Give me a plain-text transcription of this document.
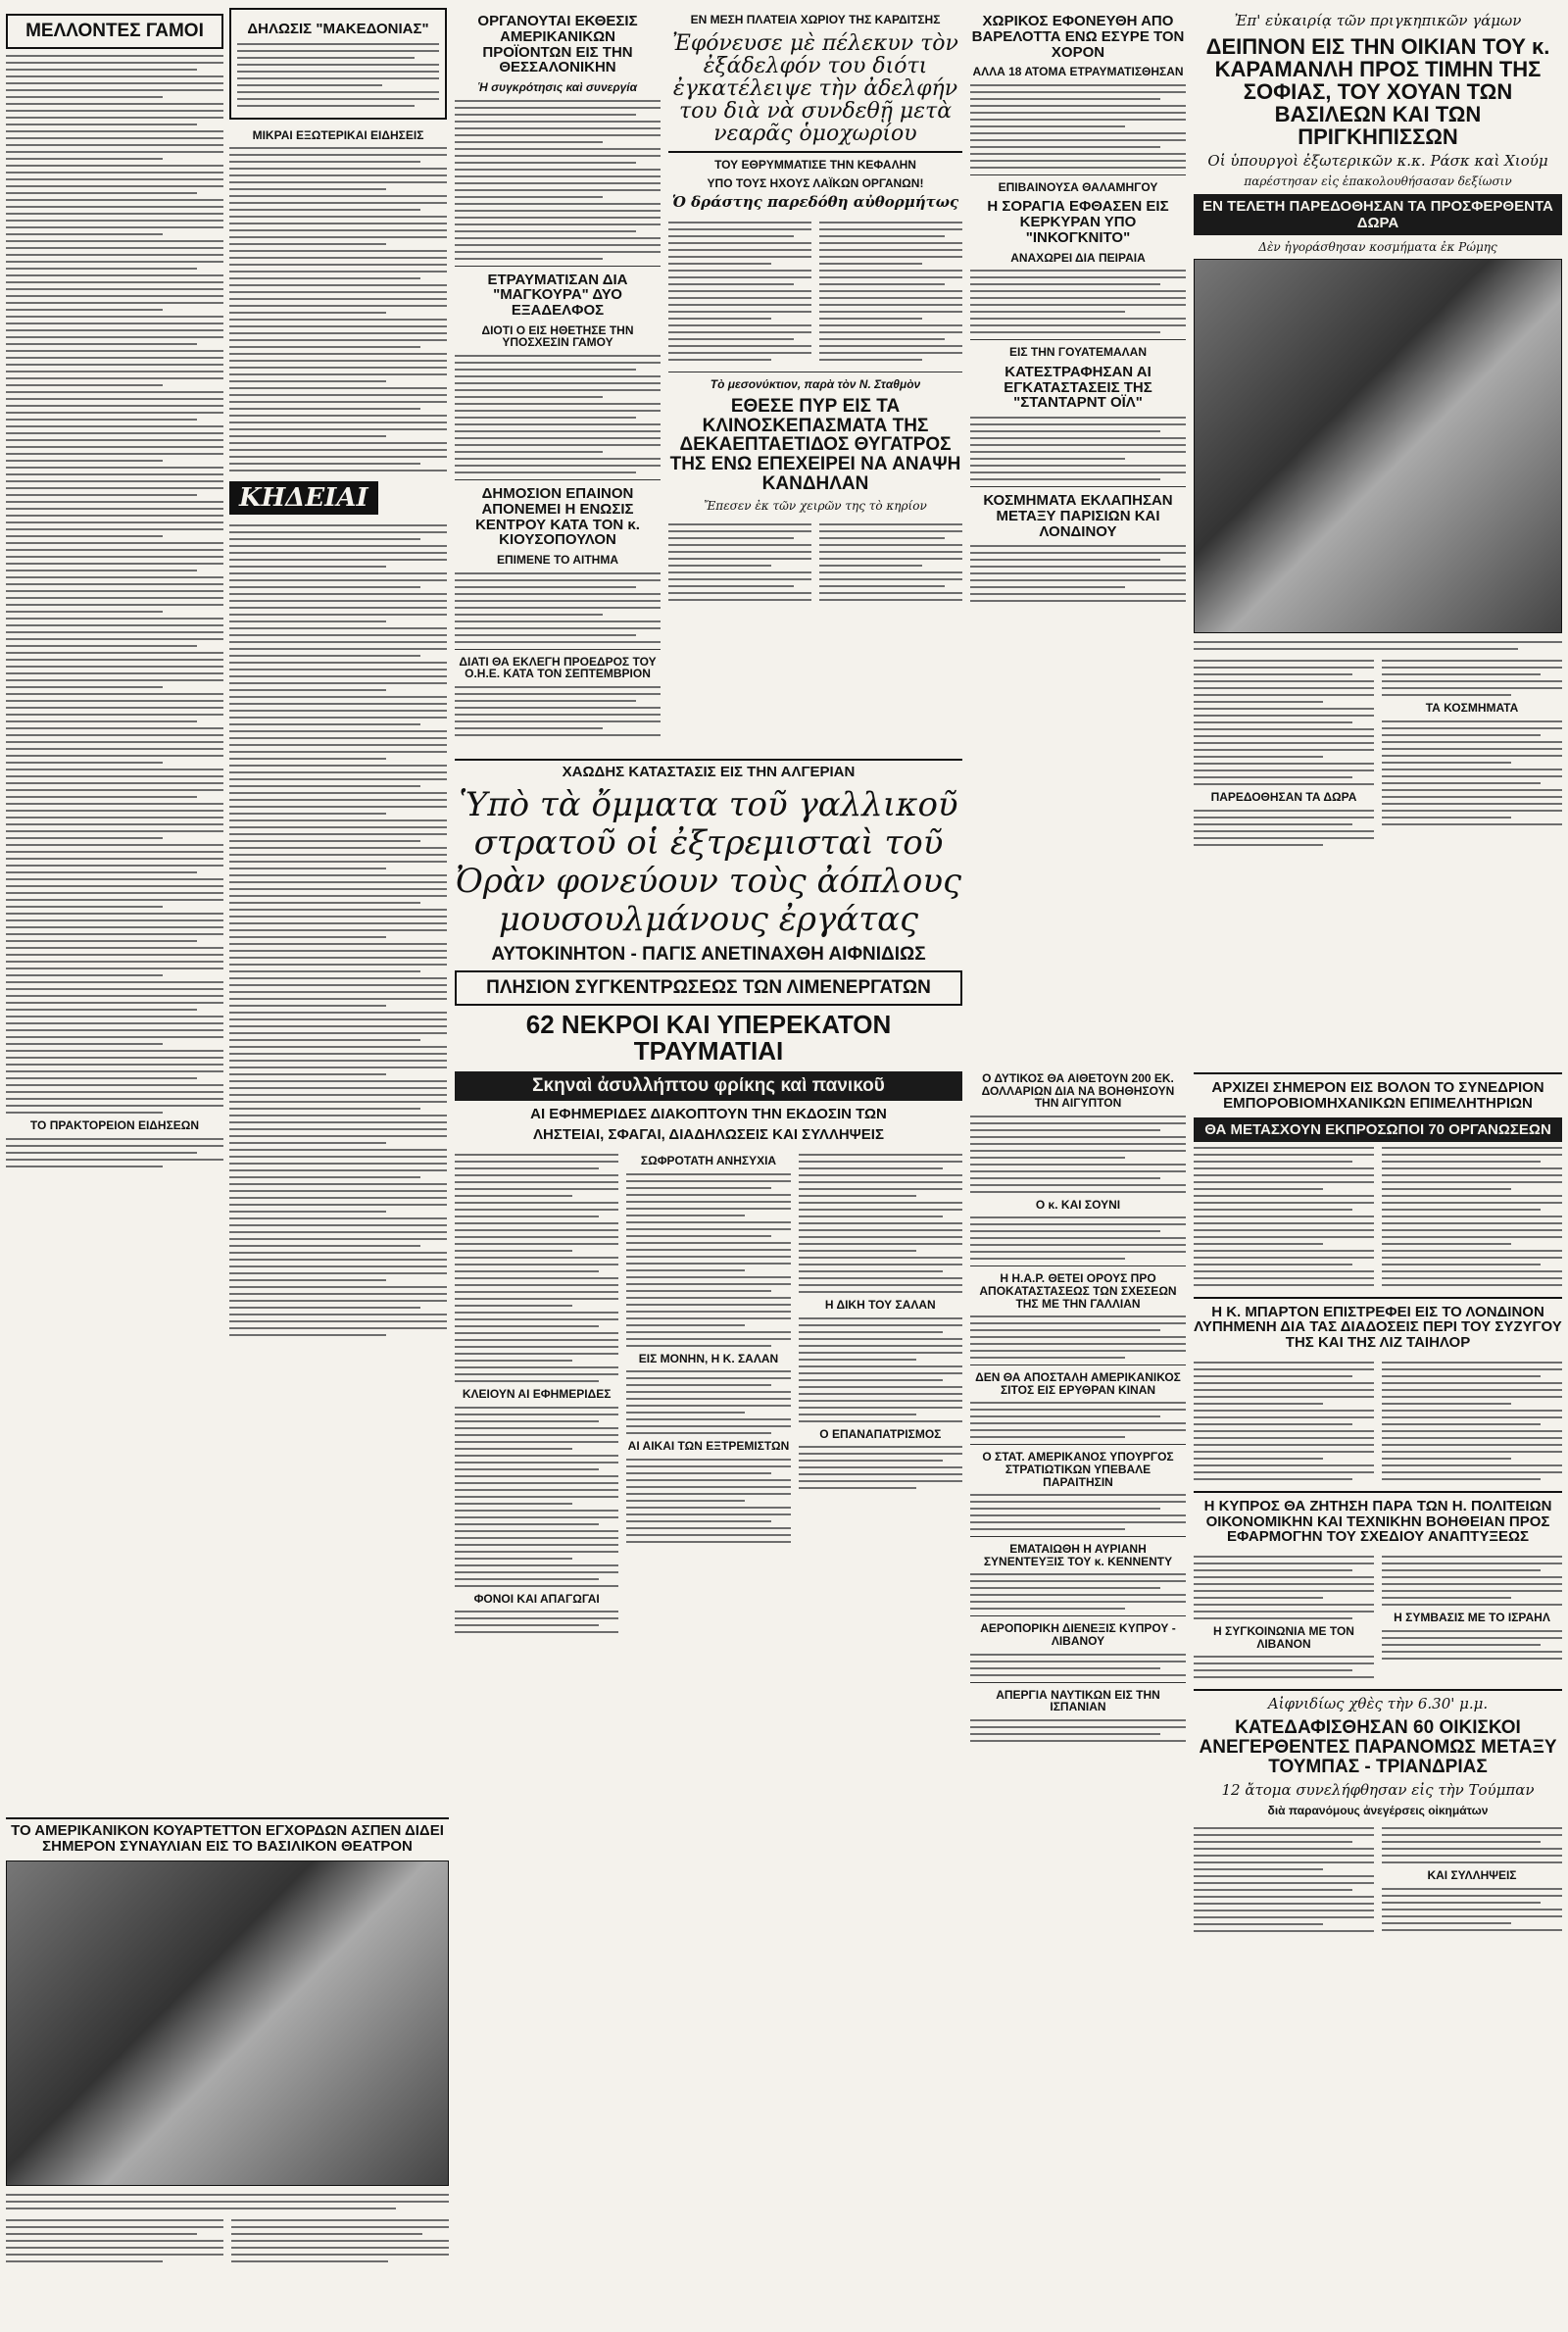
ΜΕΛΛΟΝΤΕΣ ΓΑΜΟΙ
ΤΟ ΠΡΑΚΤΟΡΕΙΟΝ ΕΙΔΗΣΕΩΝ
ΔΗΛΩΣΙΣ "ΜΑΚΕΔΟΝΙΑΣ"
ΜΙΚΡΑΙ ΕΞΩΤΕΡΙΚΑΙ ΕΙΔΗΣΕΙΣ
ΚΗΔΕΙΑΙ
ΟΡΓΑΝΟΥΤΑΙ ΕΚΘΕΣΙΣ ΑΜΕΡΙΚΑΝΙΚΩΝ ΠΡΟΪΟΝΤΩΝ ΕΙΣ ΤΗΝ ΘΕΣΣΑΛΟΝΙΚΗΝ
Ἡ συγκρότησις καὶ συνεργία
ΕΤΡΑΥΜΑΤΙΣΑΝ ΔΙΑ "ΜΑΓΚΟΥΡΑ" ΔΥΟ ΕΞΑΔΕΛΦΟΣ
ΔΙΟΤΙ Ο ΕΙΣ ΗΘΕΤΗΣΕ ΤΗΝ ΥΠΟΣΧΕΣΙΝ ΓΑΜΟΥ
ΔΗΜΟΣΙΟΝ ΕΠΑΙΝΟΝ ΑΠΟΝΕΜΕΙ Η ΕΝΩΣΙΣ ΚΕΝΤΡΟΥ ΚΑΤΑ ΤΟΝ κ. ΚΙΟΥΣΟΠΟΥΛΟΝ
ΕΠΙΜΕΝΕ ΤΟ ΑΙΤΗΜΑ
ΔΙΑΤΙ ΘΑ ΕΚΛΕΓΗ ΠΡΟΕΔΡΟΣ ΤΟΥ Ο.Η.Ε. ΚΑΤΑ ΤΟΝ ΣΕΠΤΕΜΒΡΙΟΝ
ΕΝ ΜΕΣΗ ΠΛΑΤΕΙΑ ΧΩΡΙΟΥ ΤΗΣ ΚΑΡΔΙΤΣΗΣ
Ἐφόνευσε μὲ πέλεκυν τὸν ἐξάδελφόν του διότι ἐγκατέλειψε τὴν ἀδελφήν του διὰ νὰ συνδεθῇ μετὰ νεαρᾶς ὁμοχωρίου
ΤΟΥ ΕΘΡΥΜΜΑΤΙΣΕ ΤΗΝ ΚΕΦΑΛΗΝ
ΥΠΟ ΤΟΥΣ ΗΧΟΥΣ ΛΑΪΚΩΝ ΟΡΓΑΝΩΝ!
Ὁ δράστης παρεδόθη αὐθορμήτως
Τὸ μεσονύκτιον, παρὰ τὸν Ν. Σταθμὸν
ΕΘΕΣΕ ΠΥΡ ΕΙΣ ΤΑ ΚΛΙΝΟΣΚΕΠΑΣΜΑΤΑ ΤΗΣ ΔΕΚΑΕΠΤΑΕΤΙΔΟΣ ΘΥΓΑΤΡΟΣ ΤΗΣ ΕΝΩ ΕΠΕΧΕΙΡΕΙ ΝΑ ΑΝΑΨΗ ΚΑΝΔΗΛΑΝ
Ἔπεσεν ἐκ τῶν χειρῶν της τὸ κηρίον
ΧΩΡΙΚΟΣ ΕΦΟΝΕΥΘΗ ΑΠΟ ΒΑΡΕΛΟΤΤΑ ΕΝΩ ΕΣΥΡΕ ΤΟΝ ΧΟΡΟΝ
ΑΛΛΑ 18 ΑΤΟΜΑ ΕΤΡΑΥΜΑΤΙΣΘΗΣΑΝ
ΕΠΙΒΑΙΝΟΥΣΑ ΘΑΛΑΜΗΓΟΥ
Η ΣΟΡΑΓΙΑ ΕΦΘΑΣΕΝ ΕΙΣ ΚΕΡΚΥΡΑΝ ΥΠΟ "ΙΝΚΟΓΚΝΙΤΟ"
ΑΝΑΧΩΡΕΙ ΔΙΑ ΠΕΙΡΑΙΑ
ΕΙΣ ΤΗΝ ΓΟΥΑΤΕΜΑΛΑΝ
ΚΑΤΕΣΤΡΑΦΗΣΑΝ ΑΙ ΕΓΚΑΤΑΣΤΑΣΕΙΣ ΤΗΣ "ΣΤΑΝΤΑΡΝΤ ΟΪΛ"
ΚΟΣΜΗΜΑΤΑ ΕΚΛΑΠΗΣΑΝ ΜΕΤΑΞΥ ΠΑΡΙΣΙΩΝ ΚΑΙ ΛΟΝΔΙΝΟΥ
Ἐπ' εὐκαιρίᾳ τῶν πριγκηπικῶν γάμων
ΔΕΙΠΝΟΝ ΕΙΣ ΤΗΝ ΟΙΚΙΑΝ ΤΟΥ κ. ΚΑΡΑΜΑΝΛΗ ΠΡΟΣ ΤΙΜΗΝ ΤΗΣ ΣΟΦΙΑΣ, ΤΟΥ ΧΟΥΑΝ ΤΩΝ ΒΑΣΙΛΕΩΝ ΚΑΙ ΤΩΝ ΠΡΙΓΚΗΠΙΣΣΩΝ
Οἱ ὑπουργοὶ ἐξωτερικῶν κ.κ. Ράσκ καὶ Χιούμ
παρέστησαν εἰς ἑπακολουθήσασαν δεξίωσιν
ΕΝ ΤΕΛΕΤΗ ΠΑΡΕΔΟΘΗΣΑΝ ΤΑ ΠΡΟΣΦΕΡΘΕΝΤΑ ΔΩΡΑ
Δὲν ἠγοράσθησαν κοσμήματα ἐκ Ρώμης
ΠΑΡΕΔΟΘΗΣΑΝ ΤΑ ΔΩΡΑ
ΤΑ ΚΟΣΜΗΜΑΤΑ
ΑΡΧΙΖΕΙ ΣΗΜΕΡΟΝ ΕΙΣ ΒΟΛΟΝ ΤΟ ΣΥΝΕΔΡΙΟΝ ΕΜΠΟΡΟΒΙΟΜΗΧΑΝΙΚΩΝ ΕΠΙΜΕΛΗΤΗΡΙΩΝ
ΘΑ ΜΕΤΑΣΧΟΥΝ ΕΚΠΡΟΣΩΠΟΙ 70 ΟΡΓΑΝΩΣΕΩΝ
Η Κ. ΜΠΑΡΤΟΝ ΕΠΙΣΤΡΕΦΕΙ ΕΙΣ ΤΟ ΛΟΝΔΙΝΟΝ ΛΥΠΗΜΕΝΗ ΔΙΑ ΤΑΣ ΔΙΑΔΟΣΕΙΣ ΠΕΡΙ ΤΟΥ ΣΥΖΥΓΟΥ ΤΗΣ ΚΑΙ ΤΗΣ ΛΙΖ ΤΑΙΗΛΟΡ
Η ΚΥΠΡΟΣ ΘΑ ΖΗΤΗΣΗ ΠΑΡΑ ΤΩΝ Η. ΠΟΛΙΤΕΙΩΝ ΟΙΚΟΝΟΜΙΚΗΝ ΚΑΙ ΤΕΧΝΙΚΗΝ ΒΟΗΘΕΙΑΝ ΠΡΟΣ ΕΦΑΡΜΟΓΗΝ ΤΟΥ ΣΧΕΔΙΟΥ ΑΝΑΠΤΥΞΕΩΣ
Η ΣΥΓΚΟΙΝΩΝΙΑ ΜΕ ΤΟΝ ΛΙΒΑΝΟΝ
Η ΣΥΜΒΑΣΙΣ ΜΕ ΤΟ ΙΣΡΑΗΛ
Αἰφνιδίως χθὲς τὴν 6.30' μ.μ.
ΚΑΤΕΔΑΦΙΣΘΗΣΑΝ 60 ΟΙΚΙΣΚΟΙ ΑΝΕΓΕΡΘΕΝΤΕΣ ΠΑΡΑΝΟΜΩΣ ΜΕΤΑΞΥ ΤΟΥΜΠΑΣ - ΤΡΙΑΝΔΡΙΑΣ
12 ἄτομα συνελήφθησαν εἰς τὴν Τούμπαν
διὰ παρανόμους ἀνεγέρσεις οἰκημάτων
ΚΑΙ ΣΥΛΛΗΨΕΙΣ
ΧΑΩΔΗΣ ΚΑΤΑΣΤΑΣΙΣ ΕΙΣ ΤΗΝ ΑΛΓΕΡΙΑΝ
Ὑπὸ τὰ ὄμματα τοῦ γαλλικοῦ στρατοῦ οἱ ἐξτρεμισταὶ τοῦ Ὀρὰν φονεύουν τοὺς ἀόπλους μουσουλμάνους ἐργάτας
ΑΥΤΟΚΙΝΗΤΟΝ - ΠΑΓΙΣ ΑΝΕΤΙΝΑΧΘΗ ΑΙΦΝΙΔΙΩΣ
ΠΛΗΣΙΟΝ ΣΥΓΚΕΝΤΡΩΣΕΩΣ ΤΩΝ ΛΙΜΕΝΕΡΓΑΤΩΝ
62 ΝΕΚΡΟΙ ΚΑΙ ΥΠΕΡΕΚΑΤΟΝ ΤΡΑΥΜΑΤΙΑΙ
Σκηναὶ ἀσυλλήπτου φρίκης καὶ πανικοῦ
ΑΙ ΕΦΗΜΕΡΙΔΕΣ ΔΙΑΚΟΠΤΟΥΝ ΤΗΝ ΕΚΔΟΣΙΝ ΤΩΝ
ΛΗΣΤΕΙΑΙ, ΣΦΑΓΑΙ, ΔΙΑΔΗΛΩΣΕΙΣ ΚΑΙ ΣΥΛΛΗΨΕΙΣ
ΚΛΕΙΟΥΝ ΑΙ ΕΦΗΜΕΡΙΔΕΣ
ΦΟΝΟΙ ΚΑΙ ΑΠΑΓΩΓΑΙ
ΣΩΦΡΟΤΑΤΗ ΑΝΗΣΥΧΙΑ
ΕΙΣ ΜΟΝΗΝ, Η Κ. ΣΑΛΑΝ
ΑΙ ΑΙΚΑΙ ΤΩΝ ΕΞΤΡΕΜΙΣΤΩΝ
Η ΔΙΚΗ ΤΟΥ ΣΑΛΑΝ
Ο ΕΠΑΝΑΠΑΤΡΙΣΜΟΣ
Ο ΔΥΤΙΚΟΣ ΘΑ ΑΙΘΕΤΟΥΝ 200 ΕΚ. ΔΟΛΛΑΡΙΩΝ ΔΙΑ ΝΑ ΒΟΗΘΗΣΟΥΝ ΤΗΝ ΑΙΓΥΠΤΟΝ
Ο κ. ΚΑΙ ΣΟΥΝΙ
Η Η.Α.Ρ. ΘΕΤΕΙ ΟΡΟΥΣ ΠΡΟ ΑΠΟΚΑΤΑΣΤΑΣΕΩΣ ΤΩΝ ΣΧΕΣΕΩΝ ΤΗΣ ΜΕ ΤΗΝ ΓΑΛΛΙΑΝ
ΔΕΝ ΘΑ ΑΠΟΣΤΑΛΗ ΑΜΕΡΙΚΑΝΙΚΟΣ ΣΙΤΟΣ ΕΙΣ ΕΡΥΘΡΑΝ ΚΙΝΑΝ
Ο ΣΤΑΤ. ΑΜΕΡΙΚΑΝΟΣ ΥΠΟΥΡΓΟΣ ΣΤΡΑΤΙΩΤΙΚΩΝ ΥΠΕΒΑΛΕ ΠΑΡΑΙΤΗΣΙΝ
ΕΜΑΤΑΙΩΘΗ Η ΑΥΡΙΑΝΗ ΣΥΝΕΝΤΕΥΞΙΣ ΤΟΥ κ. ΚΕΝΝΕΝΤΥ
ΑΕΡΟΠΟΡΙΚΗ ΔΙΕΝΕΞΙΣ ΚΥΠΡΟΥ - ΛΙΒΑΝΟΥ
ΑΠΕΡΓΙΑ ΝΑΥΤΙΚΩΝ ΕΙΣ ΤΗΝ ΙΣΠΑΝΙΑΝ
ΤΟ ΑΜΕΡΙΚΑΝΙΚΟΝ ΚΟΥΑΡΤΕΤΤΟΝ ΕΓΧΟΡΔΩΝ ΑΣΠΕΝ ΔΙΔΕΙ ΣΗΜΕΡΟΝ ΣΥΝΑΥΛΙΑΝ ΕΙΣ ΤΟ ΒΑΣΙΛΙΚΟΝ ΘΕΑΤΡΟΝ
